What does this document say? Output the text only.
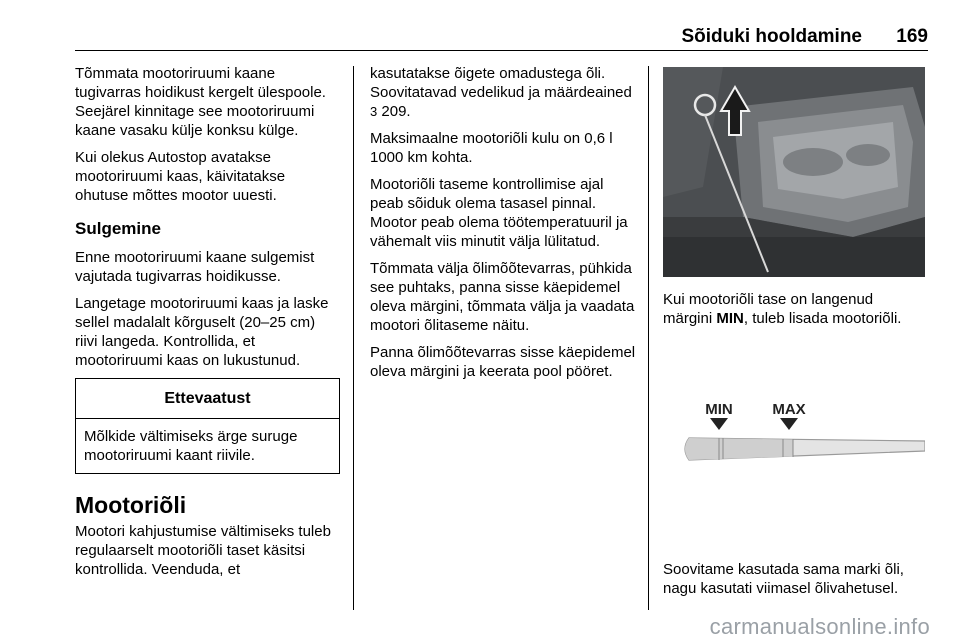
Sõiduki hooldamine 169

Tõmmata mootoriruumi kaane tugivarras hoidikust kergelt ülespoole. Seejärel kinnitage see mootoriruumi kaane vasaku külje konksu külge.

Kui olekus Autostop avatakse mootoriruumi kaas, käivitatakse ohutuse mõttes mootor uuesti.

Sulgemine

Enne mootoriruumi kaane sulgemist vajutada tugivarras hoidikusse.

Langetage mootoriruumi kaas ja laske sellel madalalt kõrguselt (20–25 cm) riivi langeda. Kontrollida, et mootoriruumi kaas on lukustunud.

Ettevaatust
Mõlkide vältimiseks ärge suruge mootoriruumi kaant riivile.
Mootoriõli

Mootori kahjustumise vältimiseks tuleb regulaarselt mootoriõli taset käsitsi kontrollida. Veenduda, et

kasutatakse õigete omadustega õli. Soovitatavad vedelikud ja määrdeained 3 209.

Maksimaalne mootoriõli kulu on 0,6 l 1000 km kohta.

Mootoriõli taseme kontrollimise ajal peab sõiduk olema tasasel pinnal. Mootor peab olema töötemperatuuril ja vähemalt viis minutit välja lülitatud.

Tõmmata välja õlimõõtevarras, pühkida see puhtaks, panna sisse käepidemel oleva märgini, tõmmata välja ja vaadata mootori õlitaseme näitu.

Panna õlimõõtevarras sisse käepidemel oleva märgini ja keerata pool pööret.

Kui mootoriõli tase on langenud märgini MIN, tuleb lisada mootoriõli.

MIN	MAX

Soovitame kasutada sama marki õli, nagu kasutati viimasel õlivahetusel.

carmanualsonline.info
